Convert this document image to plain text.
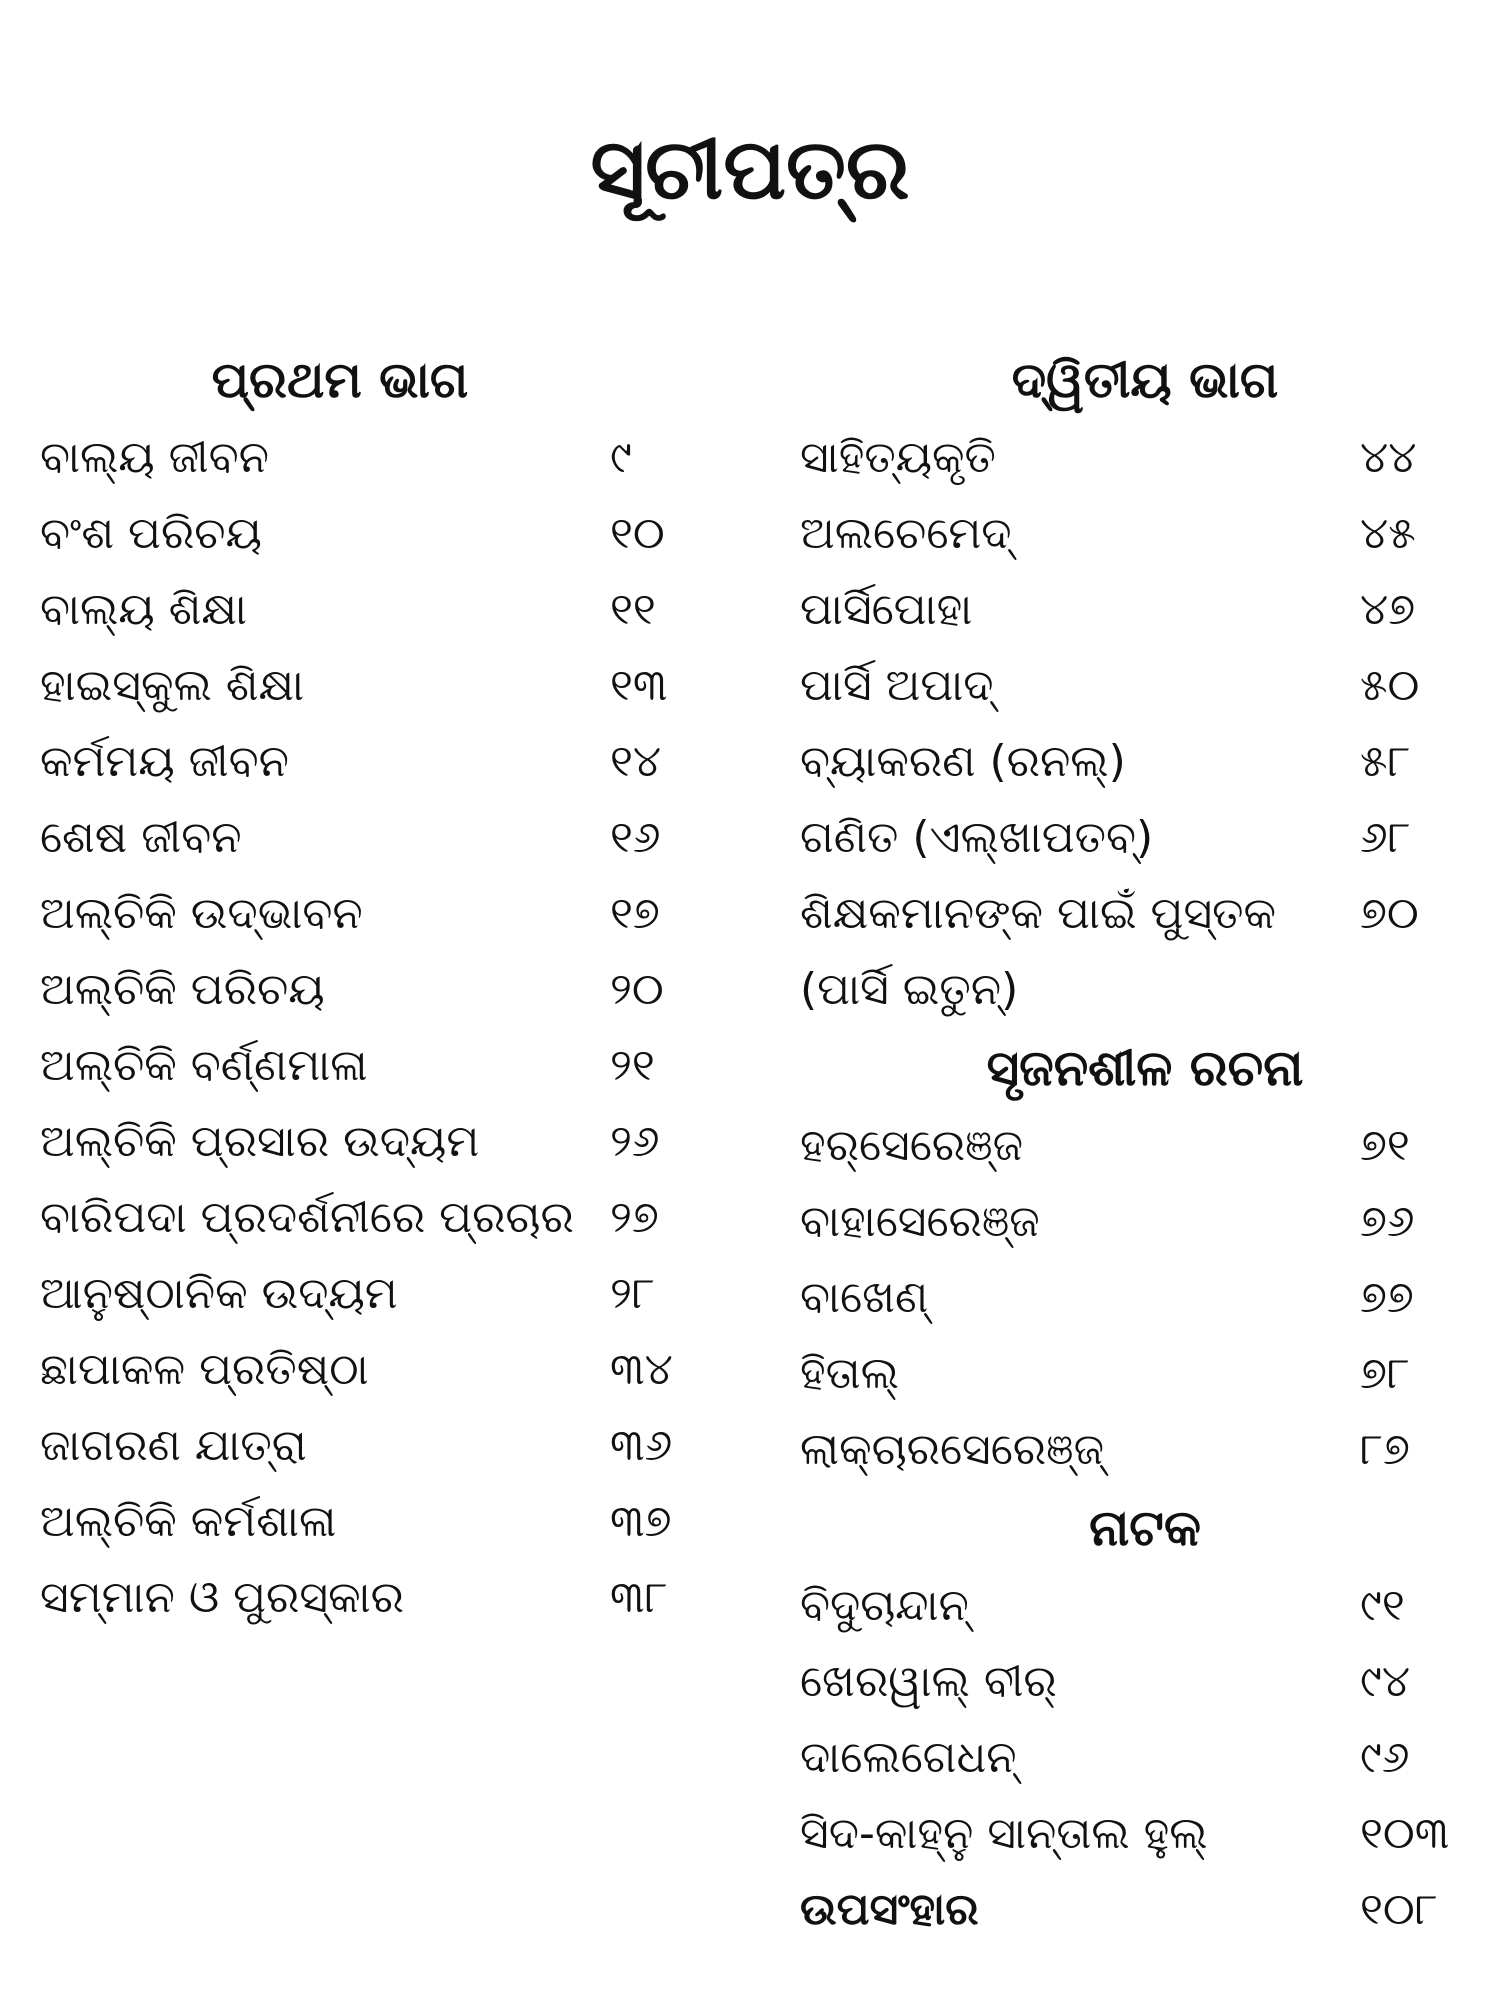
ସୂଚୀପତ୍ର
ପ୍ରଥମ ଭାଗ
ବାଲ୍ୟ ଜୀବନ	୯
ବଂଶ ପରିଚୟ	୧୦
ବାଲ୍ୟ ଶିକ୍ଷା	୧୧
ହାଇସ୍କୁଲ ଶିକ୍ଷା	୧୩
କର୍ମମୟ ଜୀବନ	୧୪
ଶେଷ ଜୀବନ	୧୬
ଅଲ୍‌ଚିକି ଉଦ୍ଭାବନ	୧୭
ଅଲ୍‌ଚିକି ପରିଚୟ	୨୦
ଅଲ୍‌ଚିକି ବର୍ଣ୍ଣମାଳା	୨୧
ଅଲ୍‌ଚିକି ପ୍ରସାର ଉଦ୍ୟମ	୨୬
ବାରିପଦା ପ୍ରଦର୍ଶନୀରେ ପ୍ରଚାର ୨୭
ଆନୁଷ୍ଠାନିକ ଉଦ୍ୟମ	୨୮
ଛାପାକଳ ପ୍ରତିଷ୍ଠା	୩୪
ଜାଗରଣ ଯାତ୍ରା	୩୬
ଅଲ୍‌ଚିକି କର୍ମଶାଳା	୩୭
ସମ୍ମାନ ଓ ପୁରସ୍କାର	୩୮
ଦ୍ୱିତୀୟ ଭାଗ
ସାହିତ୍ୟକୃତି	୪୪
ଅଲଚେମେଦ୍‌	୪୫
ପାର୍ସିପୋହା	୪୭
ପାର୍ସି ଅପାଦ୍‌	୫୦
ବ୍ୟାକରଣ (ରନଲ୍‌)	୫୮
ଗଣିତ (ଏଲ୍‌ଖାପତବ୍‌)	୬୮
ଶିକ୍ଷକମାନଙ୍କ ପାଇଁ ପୁସ୍ତକ	୭୦
(ପାର୍ସି ଇତୁନ୍‌)
ସୃଜନଶୀଳ ରଚନା
ହର୍‌ସେରେଞ୍ଜ	୭୧
ବାହାସେରେଞ୍ଜ	୭୬
ବାଖେଣ୍‌	୭୭
ହିତାଲ୍‌	୭୮
ଲାକ୍‌ଚାରସେରେଞ୍ଜ୍‌	୮୭
ନାଟକ
ବିଦୁଚାନ୍ଦାନ୍‌	୯୧
ଖେରୱାଲ୍‌ ବୀର୍‌	୯୪
ଦାଲେଗେଧନ୍‌	୯୬
ସିଦ-କାହ୍ନୁ ସାନ୍ତାଲ ହୁଲ୍‌	୧୦୩
ଉପସଂହାର	୧୦୮
